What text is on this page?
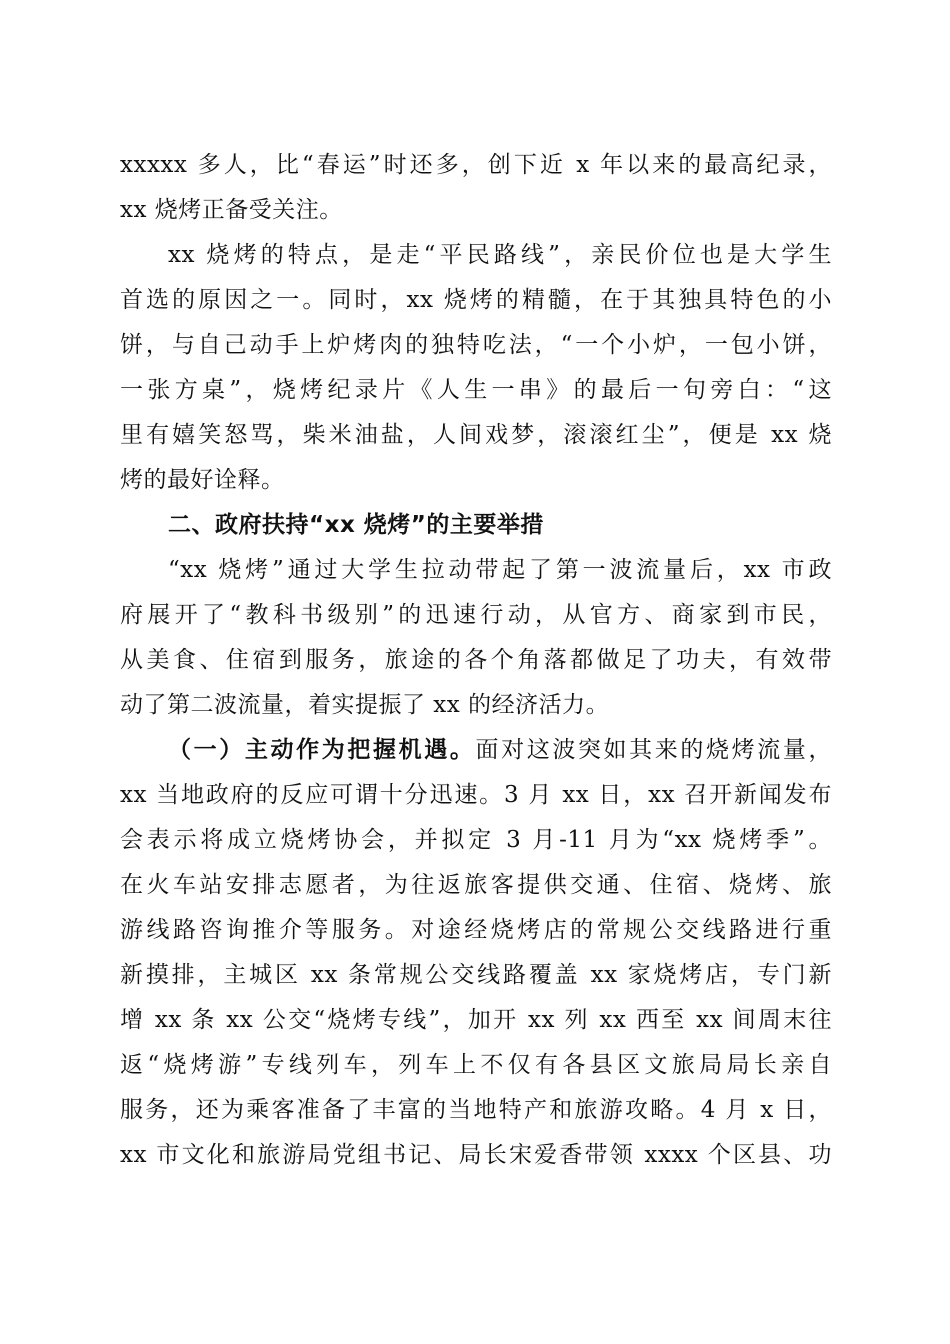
xxxxx 多人，比“春运”时还多，创下近 x 年以来的最高纪录，
xx 烧烤正备受关注。
xx 烧烤的特点，是走“平民路线”，亲民价位也是大学生
首选的原因之一。同时，xx 烧烤的精髓，在于其独具特色的小
饼，与自己动手上炉烤肉的独特吃法，“一个小炉，一包小饼，
一张方桌”，烧烤纪录片《人生一串》的最后一句旁白：“这
里有嬉笑怒骂，柴米油盐，人间戏梦，滚滚红尘”，便是 xx 烧
烤的最好诠释。
二、政府扶持“xx 烧烤”的主要举措
“xx 烧烤”通过大学生拉动带起了第一波流量后，xx 市政
府展开了“教科书级别”的迅速行动，从官方、商家到市民，
从美食、住宿到服务，旅途的各个角落都做足了功夫，有效带
动了第二波流量，着实提振了 xx 的经济活力。
（一）主动作为把握机遇。面对这波突如其来的烧烤流量，
xx 当地政府的反应可谓十分迅速。3 月 xx 日，xx 召开新闻发布
会表示将成立烧烤协会，并拟定 3 月-11 月为“xx 烧烤季”。
在火车站安排志愿者，为往返旅客提供交通、住宿、烧烤、旅
游线路咨询推介等服务。对途经烧烤店的常规公交线路进行重
新摸排，主城区 xx 条常规公交线路覆盖 xx 家烧烤店，专门新
增 xx 条 xx 公交“烧烤专线”，加开 xx 列 xx 西至 xx 间周末往
返“烧烤游”专线列车，列车上不仅有各县区文旅局局长亲自
服务，还为乘客准备了丰富的当地特产和旅游攻略。4 月 x 日，
xx 市文化和旅游局党组书记、局长宋爱香带领 xxxx 个区县、功
